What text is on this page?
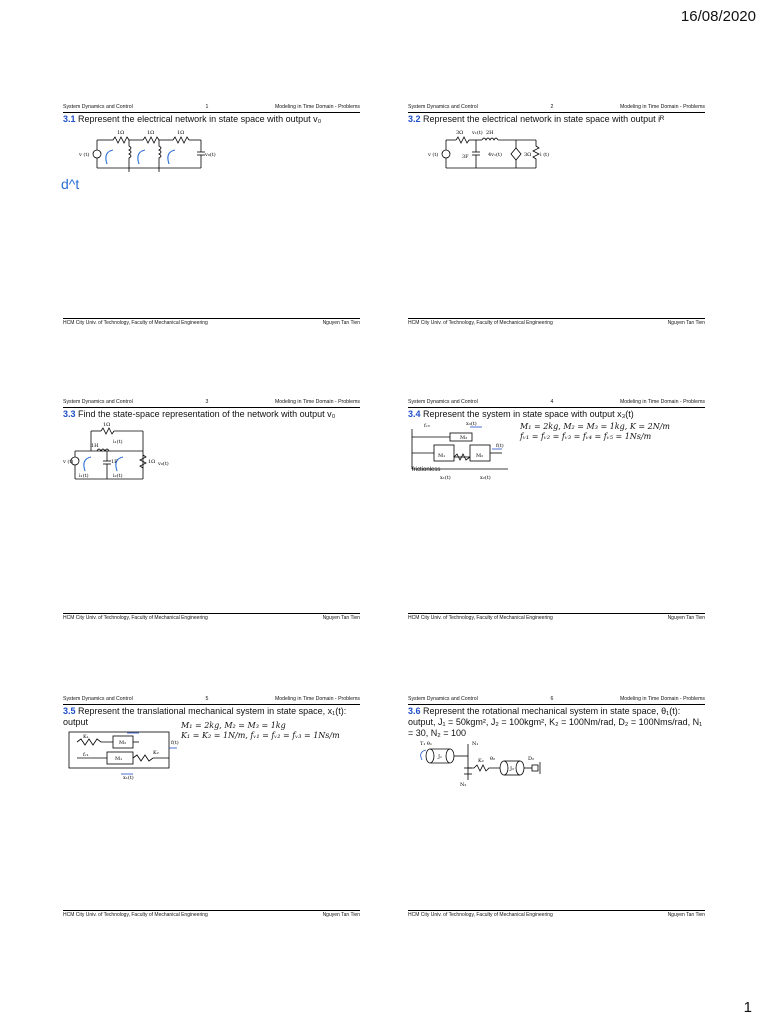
16/08/2020
System Dynamics and Control	1	Modeling in Time Domain - Problems
3.1 Represent the electrical network in state space with output v₀
1Ω	1Ω	1Ω
v (t)	v₀(t)
d^t
HCM City Univ. of Technology, Faculty of Mechanical Engineering	Nguyen Tan Tien
System Dynamics and Control	2	Modeling in Time Domain - Problems
3.2 Represent the electrical network in state space with output iᴿ
3Ω v₁(t) 2H
v (t)	3F	4v₁(t)	3Ω i (t)
HCM City Univ. of Technology, Faculty of Mechanical Engineering	Nguyen Tan Tien
System Dynamics and Control	3	Modeling in Time Domain - Problems
3.3 Find the state-space representation of the network with output v₀
1Ω
1H
i₁(t)
v (t)	1F	1Ω v₀(t)
i₁(t)	i₂(t)
HCM City Univ. of Technology, Faculty of Mechanical Engineering	Nguyen Tan Tien
System Dynamics and Control	4	Modeling in Time Domain - Problems
3.4 Represent the system in state space with output x₃(t)
M₁ = 2kg, M₂ = M₃ = 1kg, K = 2N/m
fᵥ₁ = fᵥ₂ = fᵥ₃ = fᵥ₄ = fᵥ₅ = 1Ns/m
fᵥ₃	x₃(t)
M₃
M₁	M₂
f(t)
x₁(t)	x₂(t)
frictionless
HCM City Univ. of Technology, Faculty of Mechanical Engineering	Nguyen Tan Tien
System Dynamics and Control	5	Modeling in Time Domain - Problems
3.5 Represent the translational mechanical system in state space, x₁(t): output	M₁ = 2kg, M₂ = M₃ = 1kg
K₁ = K₂ = 1N/m, fᵥ₁ = fᵥ₂ = fᵥ₃ = 1Ns/m
M₂
M₁
K₁
K₂
f(t)
fᵥ₁
x₁(t)
HCM City Univ. of Technology, Faculty of Mechanical Engineering	Nguyen Tan Tien
System Dynamics and Control	6	Modeling in Time Domain - Problems
3.6 Represent the rotational mechanical system in state space, θ₁(t): output, J₁ = 50kgm², J₂ = 100kgm², K₂ = 100Nm/rad, D₂ = 100Nms/rad, N₁ = 30, N₂ = 100
T₁ θ₁
J₁
N₁
N₂
K₂ θ₂
J₂
D₂
HCM City Univ. of Technology, Faculty of Mechanical Engineering	Nguyen Tan Tien
1
